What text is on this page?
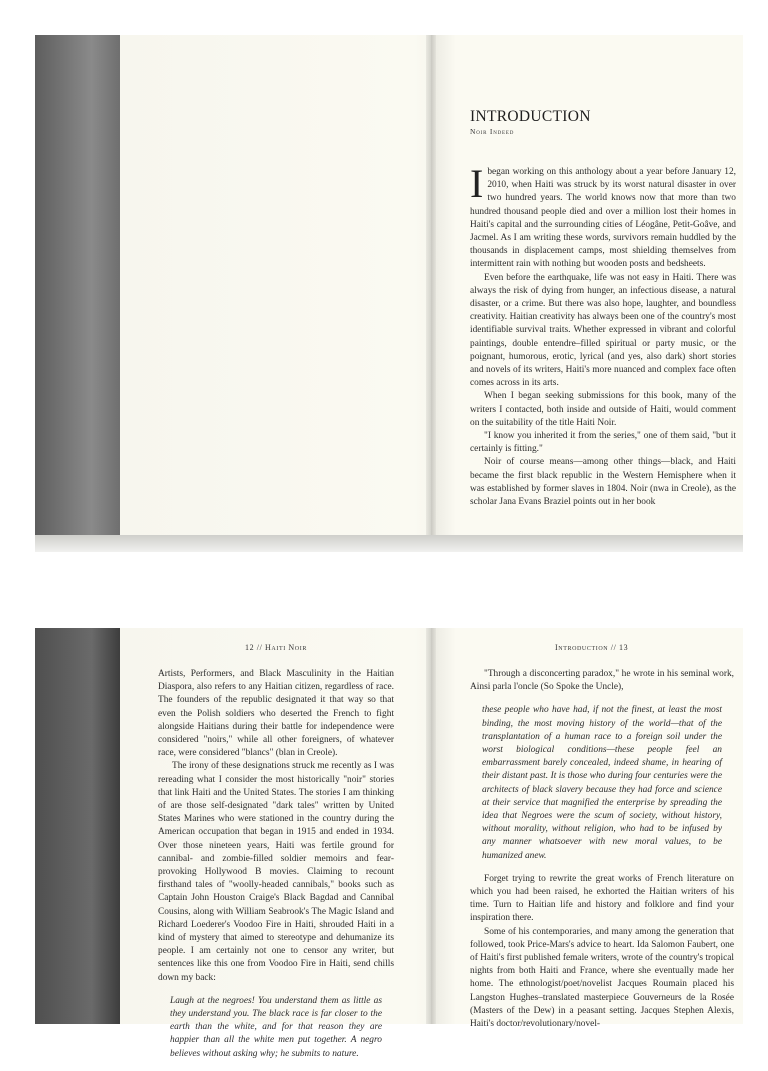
INTRODUCTION
Noir Indeed

Ibegan working on this anthology about a year before January 12, 2010, when Haiti was struck by its worst natural disaster in over two hundred years. The world knows now that more than two hundred thousand people died and over a million lost their homes in Haiti's capital and the surrounding cities of Léogâne, Petit-Goâve, and Jacmel. As I am writing these words, survivors remain huddled by the thousands in displacement camps, most shielding themselves from intermittent rain with nothing but wooden posts and bedsheets.

Even before the earthquake, life was not easy in Haiti. There was always the risk of dying from hunger, an infectious disease, a natural disaster, or a crime. But there was also hope, laughter, and boundless creativity. Haitian creativity has always been one of the country's most identifiable survival traits. Whether expressed in vibrant and colorful paintings, double entendre–filled spiritual or party music, or the poignant, humorous, erotic, lyrical (and yes, also dark) short stories and novels of its writers, Haiti's more nuanced and complex face often comes across in its arts.

When I began seeking submissions for this book, many of the writers I contacted, both inside and outside of Haiti, would comment on the suitability of the title Haiti Noir.

"I know you inherited it from the series," one of them said, "but it certainly is fitting."

Noir of course means—among other things—black, and Haiti became the first black republic in the Western Hemisphere when it was established by former slaves in 1804. Noir (nwa in Creole), as the scholar Jana Evans Braziel points out in her book

12 // Haiti Noir	Introduction // 13

Artists, Performers, and Black Masculinity in the Haitian Diaspora, also refers to any Haitian citizen, regardless of race. The founders of the republic designated it that way so that even the Polish soldiers who deserted the French to fight alongside Haitians during their battle for independence were considered "noirs," while all other foreigners, of whatever race, were considered "blancs" (blan in Creole).

The irony of these designations struck me recently as I was rereading what I consider the most historically "noir" stories that link Haiti and the United States. The stories I am thinking of are those self-designated "dark tales" written by United States Marines who were stationed in the country during the American occupation that began in 1915 and ended in 1934. Over those nineteen years, Haiti was fertile ground for cannibal- and zombie-filled soldier memoirs and fear-provoking Hollywood B movies. Claiming to recount firsthand tales of "woolly-headed cannibals," books such as Captain John Houston Craige's Black Bagdad and Cannibal Cousins, along with William Seabrook's The Magic Island and Richard Loederer's Voodoo Fire in Haiti, shrouded Haiti in a kind of mystery that aimed to stereotype and dehumanize its people. I am certainly not one to censor any writer, but sentences like this one from Voodoo Fire in Haiti, send chills down my back:

Laugh at the negroes! You understand them as little as they understand you. The black race is far closer to the earth than the white, and for that reason they are happier than all the white men put together. A negro believes without asking why; he submits to nature.

"Through a disconcerting paradox," he wrote in his seminal work, Ainsi parla l'oncle (So Spoke the Uncle),

these people who have had, if not the finest, at least the most binding, the most moving history of the world—that of the transplantation of a human race to a foreign soil under the worst biological conditions—these people feel an embarrassment barely concealed, indeed shame, in hearing of their distant past. It is those who during four centuries were the architects of black slavery because they had force and science at their service that magnified the enterprise by spreading the idea that Negroes were the scum of society, without history, without morality, without religion, who had to be infused by any manner whatsoever with new moral values, to be humanized anew.

Forget trying to rewrite the great works of French literature on which you had been raised, he exhorted the Haitian writers of his time. Turn to Haitian life and history and folklore and find your inspiration there.

Some of his contemporaries, and many among the generation that followed, took Price-Mars's advice to heart. Ida Salomon Faubert, one of Haiti's first published female writers, wrote of the country's tropical nights from both Haiti and France, where she eventually made her home. The ethnologist/poet/novelist Jacques Roumain placed his Langston Hughes–translated masterpiece Gouverneurs de la Rosée (Masters of the Dew) in a peasant setting. Jacques Stephen Alexis, Haiti's doctor/revolutionary/novel-
